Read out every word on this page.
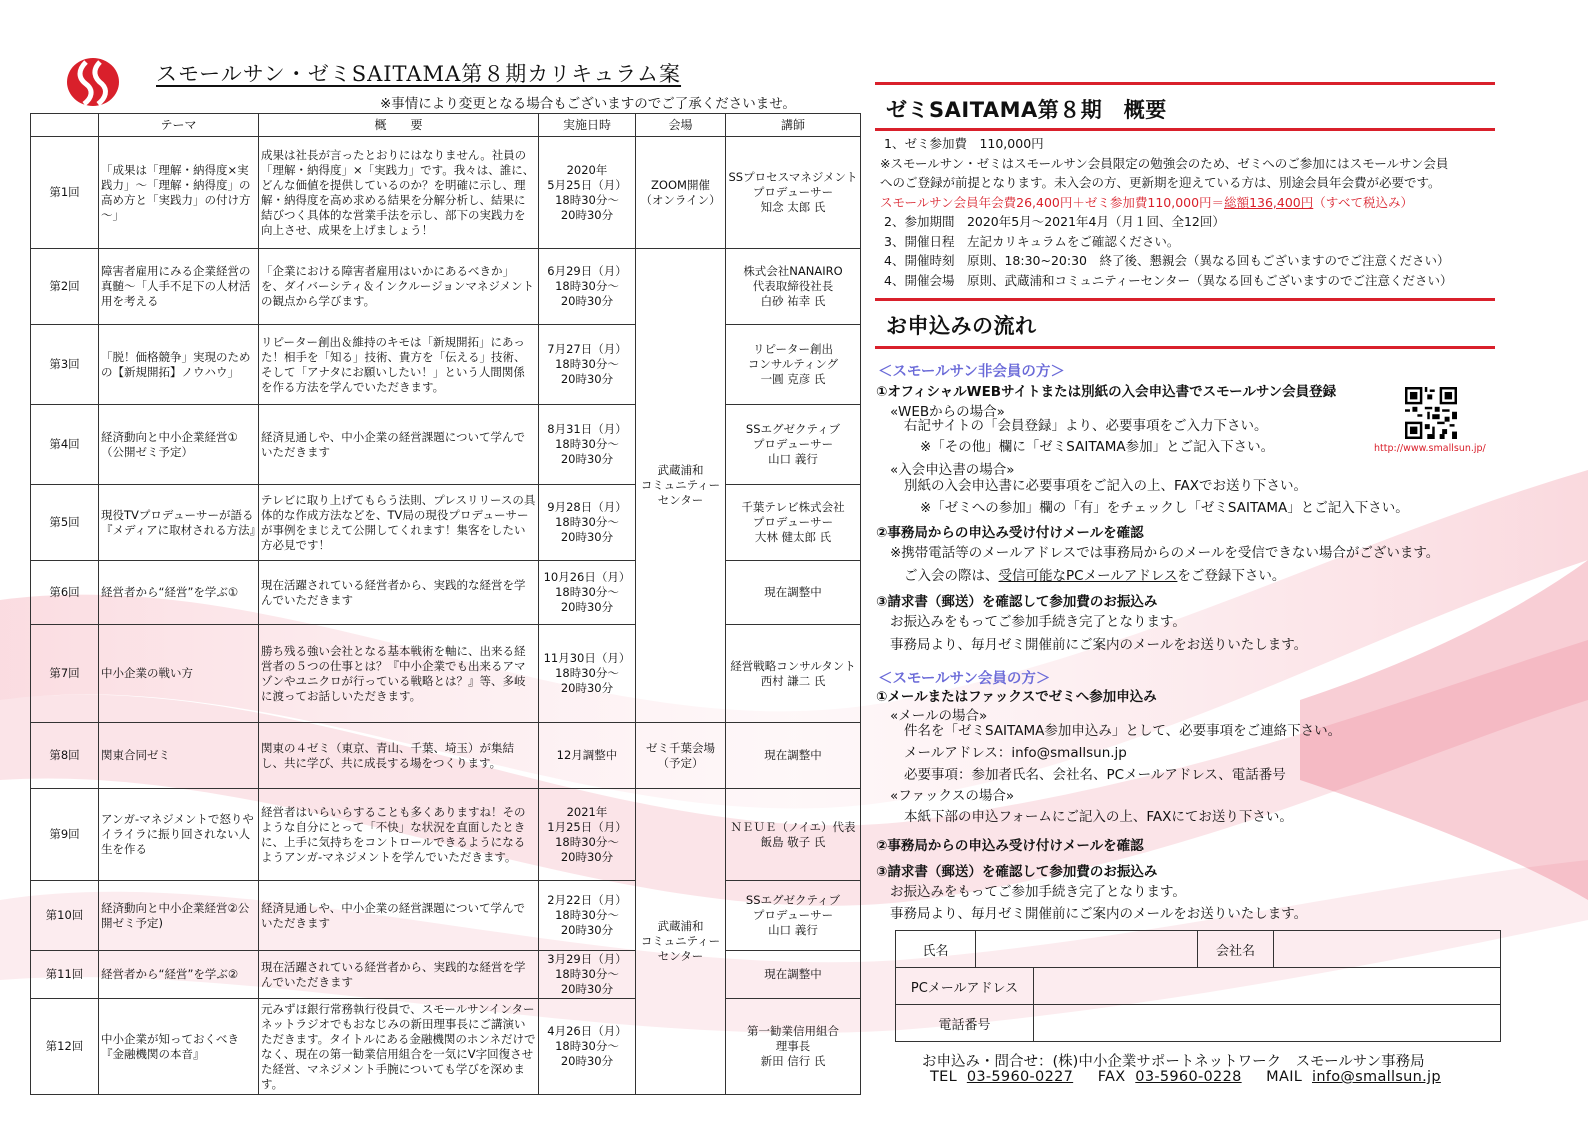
スモールサン・ゼミSAITAMA第８期カリキュラム案
※事情により変更となる場合もございますのでご了承くださいませ。
	テーマ	概　　要	実施日時	会場	講師
第1回	「成果は「理解・納得度×実践力」～「理解・納得度」の高め方と「実践力」の付け方～」	成果は社長が言ったとおりにはなりません。社員の「理解・納得度」×「実践力」です。我々は、誰に、どんな価値を提供しているのか？を明確に示し、理解・納得度を高め求める結果を分解分析し、結果に結びつく具体的な営業手法を示し、部下の実践力を向上させ、成果を上げましょう！	2020年
5月25日（月）
18時30分～
20時30分	ZOOM開催
（オンライン）	SSプロセスマネジメント
プロデューサー
知念 太郎 氏

第2回	障害者雇用にみる企業経営の真髄～「人手不足下の人材活用を考える	「企業における障害者雇用はいかにあるべきか」を、ダイバーシティ＆インクルージョンマネジメントの観点から学びます。	6月29日（月）
18時30分～
20時30分	武蔵浦和
コミュニティー
センター	株式会社NANAIRO
代表取締役社長
白砂 祐幸 氏

第3回	「脱！価格競争」実現のための【新規開拓】ノウハウ」	リピーター創出＆維持のキモは「新規開拓」にあった！相手を「知る」技術、貴方を「伝える」技術、そして「アナタにお願いしたい！」という人間関係を作る方法を学んでいただきます。	7月27日（月）
18時30分～
20時30分		リピーター創出
コンサルティング
一圓 克彦 氏

第4回	経済動向と中小企業経営①（公開ゼミ予定）	経済見通しや、中小企業の経営課題について学んでいただきます	8月31日（月）
18時30分～
20時30分		SSエグゼクティブ
プロデューサー
山口 義行

第5回	現役TVプロデューサーが語る『メディアに取材される方法』	テレビに取り上げてもらう法則、プレスリリースの具体的な作成方法などを、TV局の現役プロデューサーが事例をまじえて公開してくれます！集客をしたい方必見です！	9月28日（月）
18時30分～
20時30分		千葉テレビ株式会社
プロデューサー
大林 健太郎 氏

第6回	経営者から“経営”を学ぶ①	現在活躍されている経営者から、実践的な経営を学んでいただきます	10月26日（月）
18時30分～
20時30分		現在調整中

第7回	中小企業の戦い方	勝ち残る強い会社となる基本戦術を軸に、出来る経営者の５つの仕事とは？『中小企業でも出来るアマゾンやユニクロが行っている戦略とは？』等、多岐に渡ってお話しいただきます。	11月30日（月）
18時30分～
20時30分		経営戦略コンサルタント
西村 謙二 氏

第8回	関東合同ゼミ	関東の４ゼミ（東京、青山、千葉、埼玉）が集結し、共に学び、共に成長する場をつくります。	12月調整中	ゼミ千葉会場
（予定）	現在調整中

第9回	アンガ-マネジメントで怒りやイライラに振り回されない人生を作る	経営者はいらいらすることも多くありますね！そのような自分にとって「不快」な状況を直面したときに、上手に気持ちをコントロールできるようになるようアンガ-マネジメントを学んでいただきます。	2021年
1月25日（月）
18時30分～
20時30分	武蔵浦和
コミュニティー
センター	ＮＥＵＥ（ノイエ）代表
飯島 敬子 氏

第10回	経済動向と中小企業経営②公開ゼミ予定)	経済見通しや、中小企業の経営課題について学んでいただきます	2月22日（月）
18時30分～
20時30分		SSエグゼクティブ
プロデューサー
山口 義行

第11回	経営者から“経営”を学ぶ②	現在活躍されている経営者から、実践的な経営を学んでいただきます	3月29日（月）
18時30分～
20時30分		現在調整中

第12回	中小企業が知っておくべき『金融機関の本音』	元みずほ銀行常務執行役員で、スモールサンインターネットラジオでもおなじみの新田理事長にご講演いただきます。タイトルにある金融機関のホンネだけでなく、現在の第一勧業信用組合を一気にV字回復させた経営、マネジメント手腕についても学びを深めます。	4月26日（月）
18時30分～
20時30分		第一勧業信用組合
理事長
新田 信行 氏
ゼミSAITAMA第８期　概要
1、ゼミ参加費　110,000円
※スモールサン・ゼミはスモールサン会員限定の勉強会のため、ゼミへのご参加にはスモールサン会員
へのご登録が前提となります。未入会の方、更新期を迎えている方は、別途会員年会費が必要です。
スモールサン会員年会費26,400円＋ゼミ参加費110,000円＝総額136,400円（すべて税込み）
2、参加期間　2020年5月～2021年4月（月１回、全12回）
3、開催日程　左記カリキュラムをご確認ください。
4、開催時刻　原則、18:30~20:30　終了後、懇親会（異なる回もございますのでご注意ください）
4、開催会場　原則、武蔵浦和コミュニティーセンター（異なる回もございますのでご注意ください）
お申込みの流れ
＜スモールサン非会員の方＞
①オフィシャルWEBサイトまたは別紙の入会申込書でスモールサン会員登録
«WEBからの場合»
右記サイトの「会員登録」より、必要事項をご入力下さい。
※「その他」欄に「ゼミSAITAMA参加」とご記入下さい。
«入会申込書の場合»
別紙の入会申込書に必要事項をご記入の上、FAXでお送り下さい。
※「ゼミへの参加」欄の「有」をチェックし「ゼミSAITAMA」とご記入下さい。
②事務局からの申込み受け付けメールを確認
※携帯電話等のメールアドレスでは事務局からのメールを受信できない場合がございます。
ご入会の際は、受信可能なPCメールアドレスをご登録下さい。
③請求書（郵送）を確認して参加費のお振込み
お振込みをもってご参加手続き完了となります。
事務局より、毎月ゼミ開催前にご案内のメールをお送りいたします。
＜スモールサン会員の方＞
①メールまたはファックスでゼミへ参加申込み
«メールの場合»
件名を「ゼミSAITAMA参加申込み」として、必要事項をご連絡下さい。
メールアドレス：info@smallsun.jp
必要事項：参加者氏名、会社名、PCメールアドレス、電話番号
«ファックスの場合»
本紙下部の申込フォームにご記入の上、FAXにてお送り下さい。
②事務局からの申込み受け付けメールを確認
③請求書（郵送）を確認して参加費のお振込み
お振込みをもってご参加手続き完了となります。
事務局より、毎月ゼミ開催前にご案内のメールをお送りいたします。
http://www.smallsun.jp/
氏名		会社名	
PCメールアドレス	
電話番号	
お申込み・問合せ：(株)中小企業サポートネットワーク　スモールサン事務局
TEL 03-5960-0227 FAX 03-5960-0228 MAIL info@smallsun.jp
